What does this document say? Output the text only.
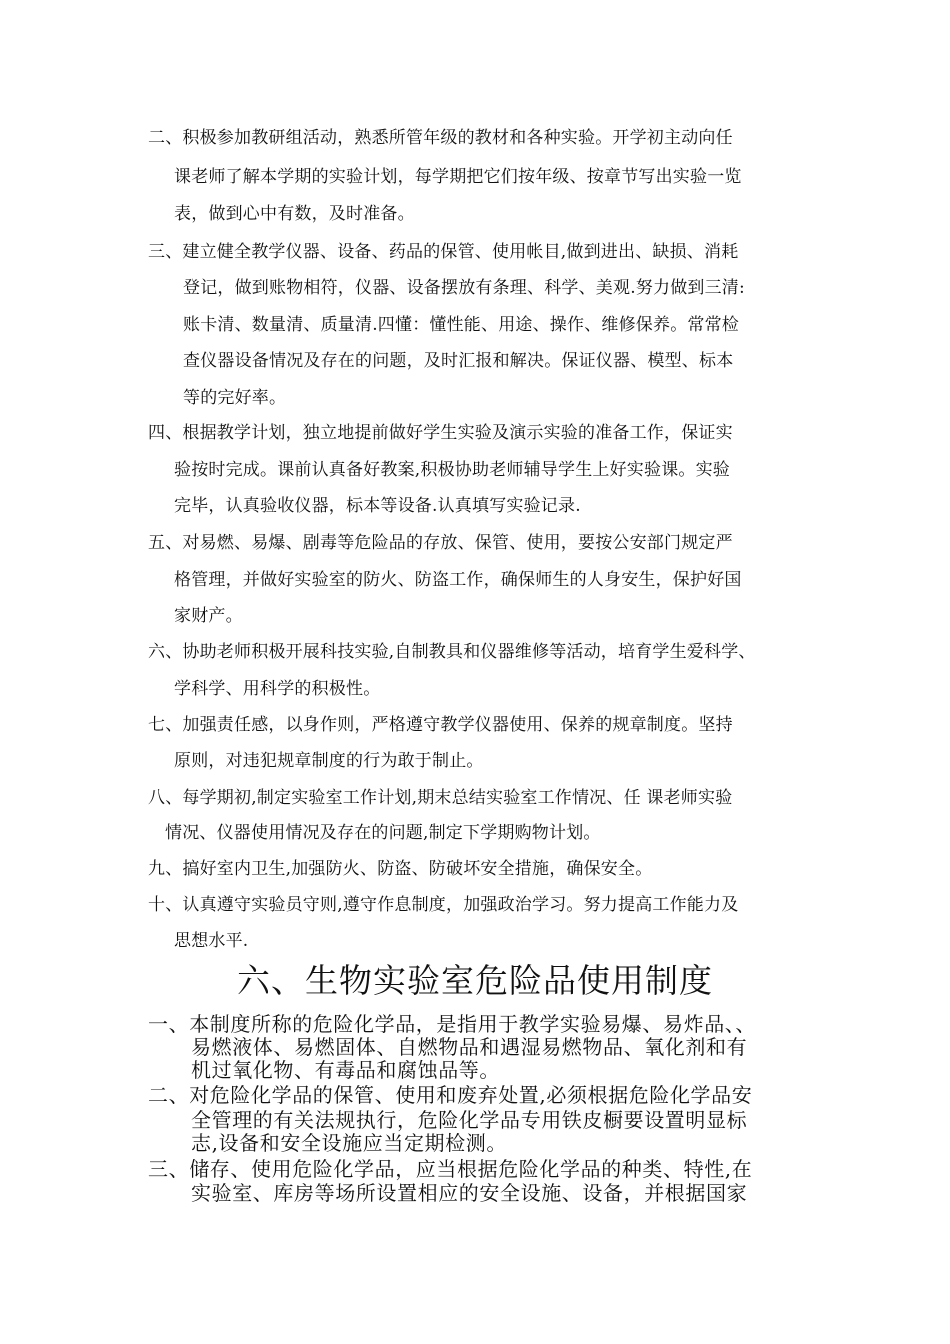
二、积极参加教研组活动，熟悉所管年级的教材和各种实验。开学初主动向任
课老师了解本学期的实验计划，每学期把它们按年级、按章节写出实验一览
表，做到心中有数，及时准备。
三、建立健全教学仪器、设备、药品的保管、使用帐目,做到进出、缺损、消耗
登记，做到账物相符，仪器、设备摆放有条理、科学、美观.努力做到三清:
账卡清、数量清、质量清.四懂：懂性能、用途、操作、维修保养。常常检
查仪器设备情况及存在的问题，及时汇报和解决。保证仪器、模型、标本
等的完好率。
四、根据教学计划，独立地提前做好学生实验及演示实验的准备工作，保证实
验按时完成。课前认真备好教案,积极协助老师辅导学生上好实验课。实验
完毕，认真验收仪器，标本等设备.认真填写实验记录.
五、对易燃、易爆、剧毒等危险品的存放、保管、使用，要按公安部门规定严
格管理，并做好实验室的防火、防盗工作，确保师生的人身安生，保护好国
家财产。
六、协助老师积极开展科技实验,自制教具和仪器维修等活动，培育学生爱科学、
学科学、用科学的积极性。
七、加强责任感，以身作则，严格遵守教学仪器使用、保养的规章制度。坚持
原则，对违犯规章制度的行为敢于制止。
八、每学期初,制定实验室工作计划,期末总结实验室工作情况、任 课老师实验
情况、仪器使用情况及存在的问题,制定下学期购物计划。
九、搞好室内卫生,加强防火、防盗、防破坏安全措施，确保安全。
十、认真遵守实验员守则,遵守作息制度，加强政治学习。努力提高工作能力及
思想水平.
六、生物实验室危险品使用制度
一、本制度所称的危险化学品，是指用于教学实验易爆、易炸品、、
易燃液体、易燃固体、自燃物品和遇湿易燃物品、氧化剂和有
机过氧化物、有毒品和腐蚀品等。
二、对危险化学品的保管、使用和废弃处置,必须根据危险化学品安
全管理的有关法规执行，危险化学品专用铁皮橱要设置明显标
志,设备和安全设施应当定期检测。
三、储存、使用危险化学品，应当根据危险化学品的种类、特性,在
实验室、库房等场所设置相应的安全设施、设备，并根据国家
